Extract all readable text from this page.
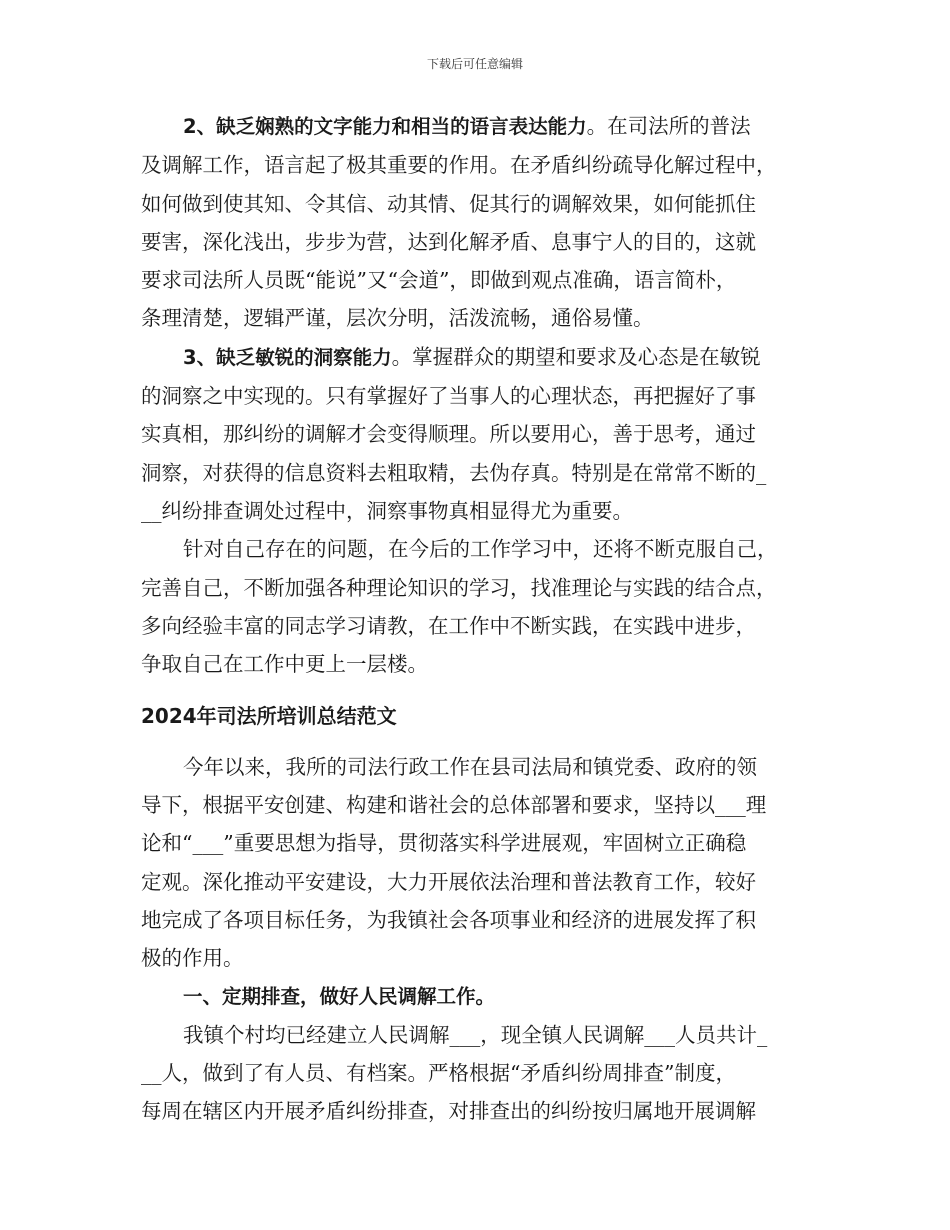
下载后可任意编辑

2、缺乏娴熟的文字能力和相当的语言表达能力。在司法所的普法
及调解工作，语言起了极其重要的作用。在矛盾纠纷疏导化解过程中，
如何做到使其知、令其信、动其情、促其行的调解效果，如何能抓住
要害，深化浅出，步步为营，达到化解矛盾、息事宁人的目的，这就
要求司法所人员既“能说”又“会道”，即做到观点准确，语言简朴，
条理清楚，逻辑严谨，层次分明，活泼流畅，通俗易懂。

3、缺乏敏锐的洞察能力。掌握群众的期望和要求及心态是在敏锐
的洞察之中实现的。只有掌握好了当事人的心理状态，再把握好了事
实真相，那纠纷的调解才会变得顺理。所以要用心，善于思考，通过
洞察，对获得的信息资料去粗取精，去伪存真。特别是在常常不断的_
__纠纷排查调处过程中，洞察事物真相显得尤为重要。

针对自己存在的问题，在今后的工作学习中，还将不断克服自己，
完善自己，不断加强各种理论知识的学习，找准理论与实践的结合点，
多向经验丰富的同志学习请教，在工作中不断实践，在实践中进步，
争取自己在工作中更上一层楼。

2024年司法所培训总结范文

今年以来，我所的司法行政工作在县司法局和镇党委、政府的领
导下，根据平安创建、构建和谐社会的总体部署和要求，坚持以___理
论和“___”重要思想为指导，贯彻落实科学进展观，牢固树立正确稳
定观。深化推动平安建设，大力开展依法治理和普法教育工作，较好
地完成了各项目标任务，为我镇社会各项事业和经济的进展发挥了积
极的作用。

一、定期排查，做好人民调解工作。

我镇个村均已经建立人民调解___，现全镇人民调解___人员共计_
__人，做到了有人员、有档案。严格根据“矛盾纠纷周排查”制度，
每周在辖区内开展矛盾纠纷排查，对排查出的纠纷按归属地开展调解
